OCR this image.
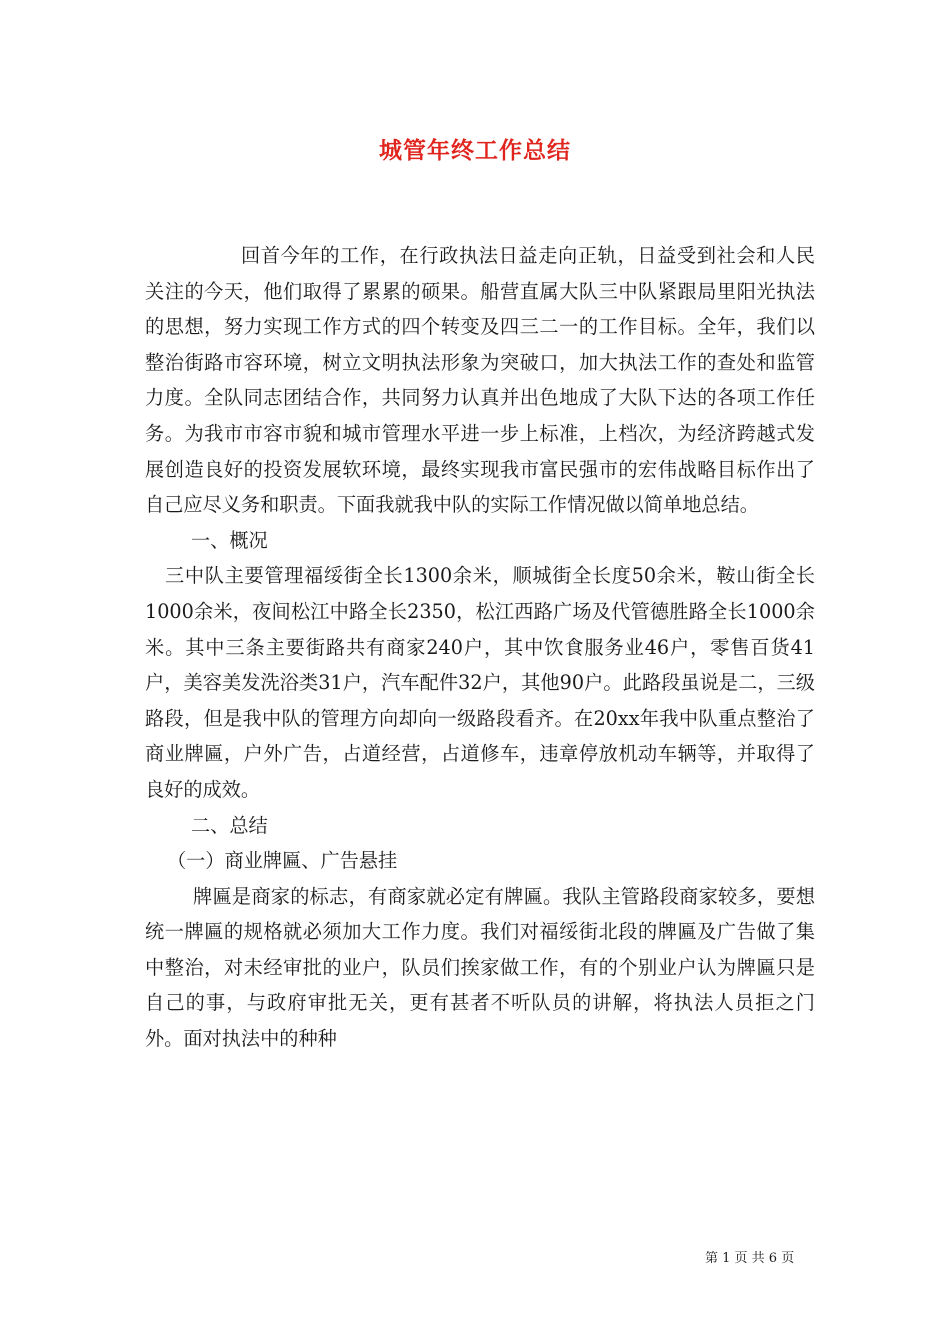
城管年终工作总结

回首今年的工作，在行政执法日益走向正轨，日益受到社会和人民关注的今天，他们取得了累累的硕果。船营直属大队三中队紧跟局里阳光执法的思想，努力实现工作方式的四个转变及四三二一的工作目标。全年，我们以整治街路市容环境，树立文明执法形象为突破口，加大执法工作的查处和监管力度。全队同志团结合作，共同努力认真并出色地成了大队下达的各项工作任务。为我市市容市貌和城市管理水平进一步上标准，上档次，为经济跨越式发展创造良好的投资发展软环境，最终实现我市富民强市的宏伟战略目标作出了自己应尽义务和职责。下面我就我中队的实际工作情况做以简单地总结。

一、概况

三中队主要管理福绥街全长1300余米，顺城街全长度50余米，鞍山街全长1000余米，夜间松江中路全长2350，松江西路广场及代管德胜路全长1000余米。其中三条主要街路共有商家240户，其中饮食服务业46户，零售百货41户，美容美发洗浴类31户，汽车配件32户，其他90户。此路段虽说是二，三级路段，但是我中队的管理方向却向一级路段看齐。在20xx年我中队重点整治了商业牌匾，户外广告，占道经营，占道修车，违章停放机动车辆等，并取得了良好的成效。

二、总结

（一）商业牌匾、广告悬挂

牌匾是商家的标志，有商家就必定有牌匾。我队主管路段商家较多，要想统一牌匾的规格就必须加大工作力度。我们对福绥街北段的牌匾及广告做了集中整治，对未经审批的业户，队员们挨家做工作，有的个别业户认为牌匾只是自己的事，与政府审批无关，更有甚者不听队员的讲解，将执法人员拒之门外。面对执法中的种种

第 1 页 共 6 页
